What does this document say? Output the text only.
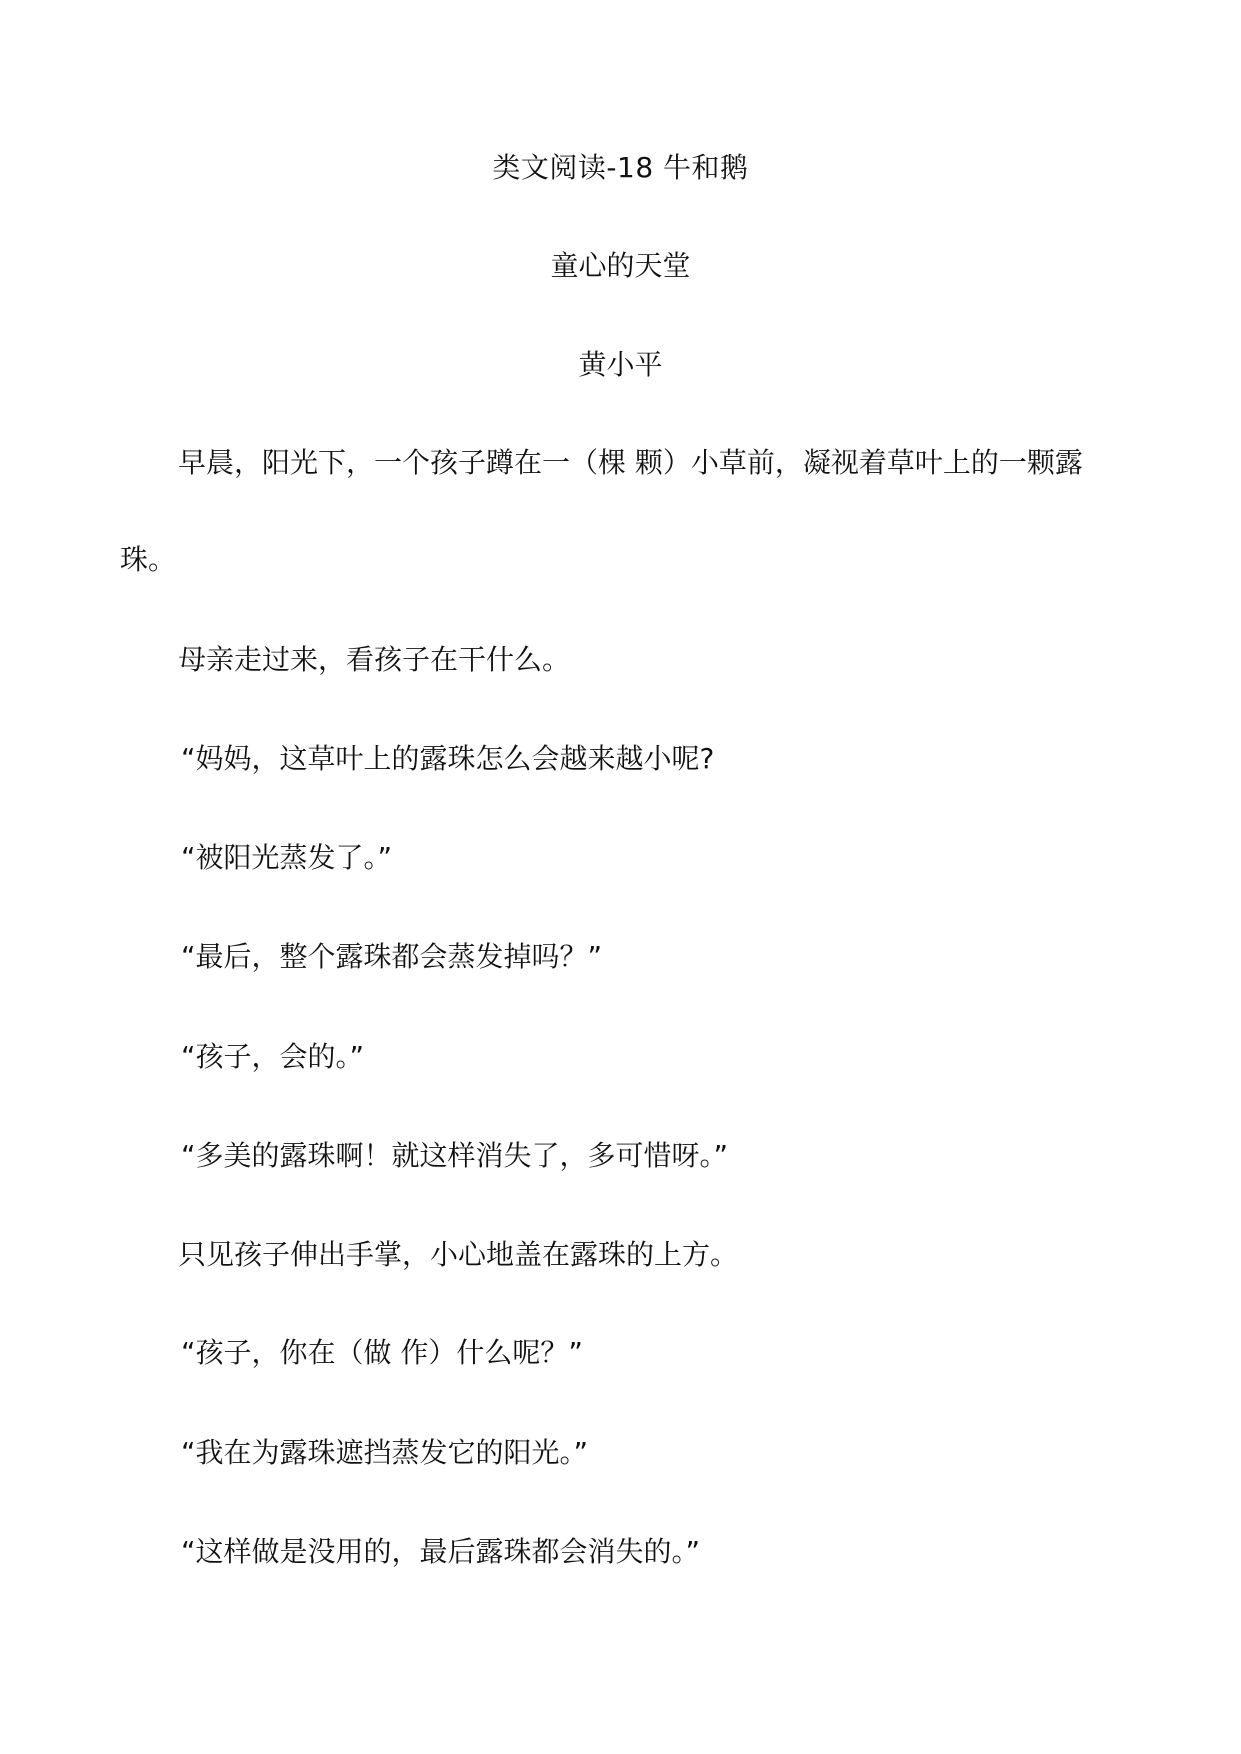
类文阅读-18 牛和鹅
童心的天堂
黄小平
早晨，阳光下，一个孩子蹲在一（棵 颗）小草前，凝视着草叶上的一颗露
珠。
母亲走过来，看孩子在干什么。
“妈妈，这草叶上的露珠怎么会越来越小呢?
“被阳光蒸发了。”
“最后，整个露珠都会蒸发掉吗？”
“孩子，会的。”
“多美的露珠啊！就这样消失了，多可惜呀。”
只见孩子伸出手掌，小心地盖在露珠的上方。
“孩子，你在（做 作）什么呢？”
“我在为露珠遮挡蒸发它的阳光。”
“这样做是没用的，最后露珠都会消失的。”
